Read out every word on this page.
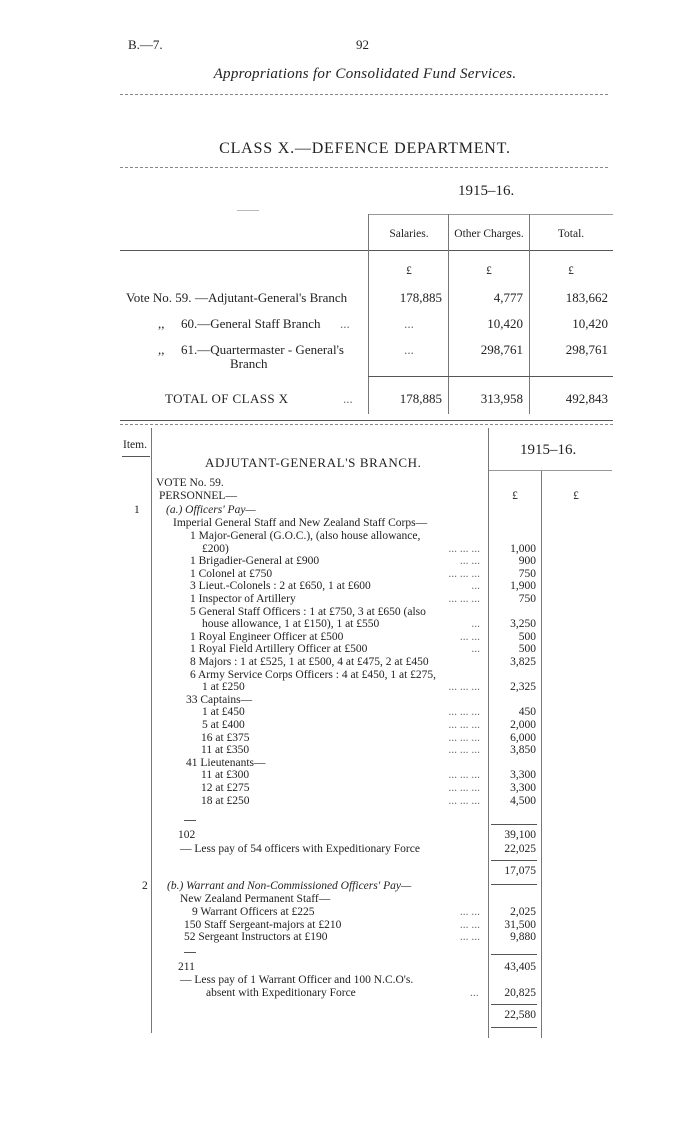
B.—7.	92
Appropriations for Consolidated Fund Services.
CLASS X.—DEFENCE DEPARTMENT.
1915–16.
Salaries.	Other Charges.	Total.
£	£	£
Vote No. 59. —Adjutant-General's Branch	178,885	4,777	183,662
,, 60.—General Staff Branch ...	...	10,420	10,420
,, 61.—Quartermaster - General's
Branch
...	298,761	298,761
TOTAL OF CLASS X	...	178,885	313,958	492,843
Item.	1915–16.
ADJUTANT-GENERAL'S BRANCH.
VOTE No. 59.
PERSONNEL—	£	£
1 (a.) Officers' Pay—
Imperial General Staff and New Zealand Staff Corps—
1 Major-General (G.O.C.), (also house allowance,
£200)	... ... ...	1,000
1 Brigadier-General at £900	... ...	900
1 Colonel at £750	... ... ...	750
3 Lieut.-Colonels : 2 at £650, 1 at £600	...	1,900
1 Inspector of Artillery	... ... ...	750
5 General Staff Officers : 1 at £750, 3 at £650 (also
house allowance, 1 at £150), 1 at £550	...	3,250
1 Royal Engineer Officer at £500	... ...	500
1 Royal Field Artillery Officer at £500	...	500
8 Majors : 1 at £525, 1 at £500, 4 at £475, 2 at £450	3,825
6 Army Service Corps Officers : 4 at £450, 1 at £275,
1 at £250	... ... ...	2,325
33 Captains—
1 at £450	... ... ...	450
5 at £400	... ... ...	2,000
16 at £375	... ... ...	6,000
11 at £350	... ... ...	3,850
41 Lieutenants—
11 at £300	... ... ...	3,300
12 at £275	... ... ...	3,300
18 at £250	... ... ...	4,500
102	39,100
— Less pay of 54 officers with Expeditionary Force	22,025
17,075
2 (b.) Warrant and Non-Commissioned Officers' Pay—
New Zealand Permanent Staff—
9 Warrant Officers at £225	... ...	2,025
150 Staff Sergeant-majors at £210	... ...	31,500
52 Sergeant Instructors at £190	... ...	9,880
211	43,405
— Less pay of 1 Warrant Officer and 100 N.C.O's.
absent with Expeditionary Force	...	20,825
22,580
